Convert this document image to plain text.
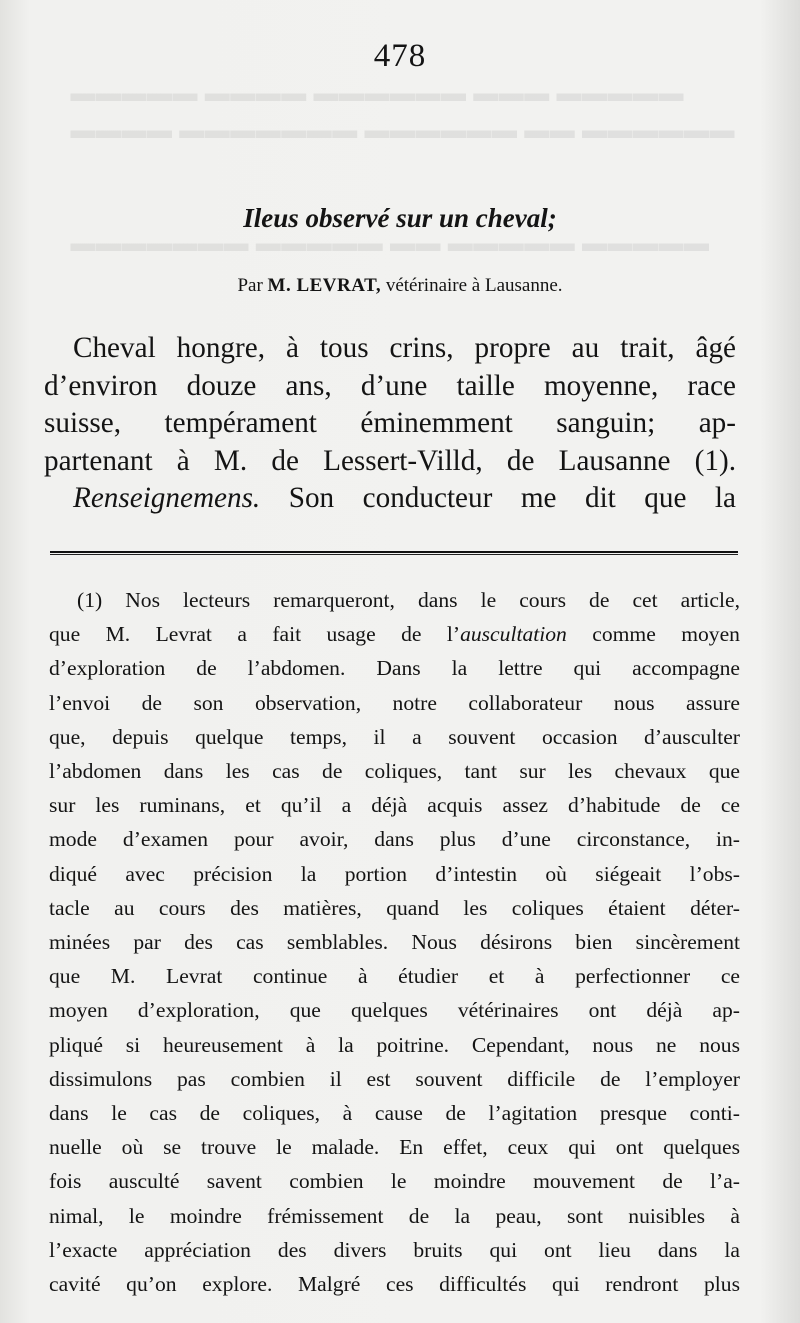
​▬▬▬▬▬ ▬▬▬ ▬▬▬▬▬▬ ▬▬▬▬ ▬▬▬▬▬
​▬▬▬▬▬▬ ▬▬ ▬▬▬▬▬▬ ▬▬▬▬▬▬▬ ▬▬▬▬
​▬▬▬▬▬ ▬▬▬▬▬ ▬▬ ▬▬▬▬▬ ▬▬▬▬▬▬▬
478
Ileus observé sur un cheval;
Par M. LEVRAT, vétérinaire à Lausanne.
Cheval hongre, à tous crins, propre au trait, âgé
d’environ douze ans, d’une taille moyenne, race
suisse, tempérament éminemment sanguin; ap-
partenant à M. de Lessert-Villd, de Lausanne (1).
Renseignemens. Son conducteur me dit que la
(1) Nos lecteurs remarqueront, dans le cours de cet article,
que M. Levrat a fait usage de l’auscultation comme moyen
d’exploration de l’abdomen. Dans la lettre qui accompagne
l’envoi de son observation, notre collaborateur nous assure
que, depuis quelque temps, il a souvent occasion d’ausculter
l’abdomen dans les cas de coliques, tant sur les chevaux que
sur les ruminans, et qu’il a déjà acquis assez d’habitude de ce
mode d’examen pour avoir, dans plus d’une circonstance, in-
diqué avec précision la portion d’intestin où siégeait l’obs-
tacle au cours des matières, quand les coliques étaient déter-
minées par des cas semblables. Nous désirons bien sincèrement
que M. Levrat continue à étudier et à perfectionner ce
moyen d’exploration, que quelques vétérinaires ont déjà ap-
pliqué si heureusement à la poitrine. Cependant, nous ne nous
dissimulons pas combien il est souvent difficile de l’employer
dans le cas de coliques, à cause de l’agitation presque conti-
nuelle où se trouve le malade. En effet, ceux qui ont quelques
fois ausculté savent combien le moindre mouvement de l’a-
nimal, le moindre frémissement de la peau, sont nuisibles à
l’exacte appréciation des divers bruits qui ont lieu dans la
cavité qu’on explore. Malgré ces difficultés qui rendront plus
